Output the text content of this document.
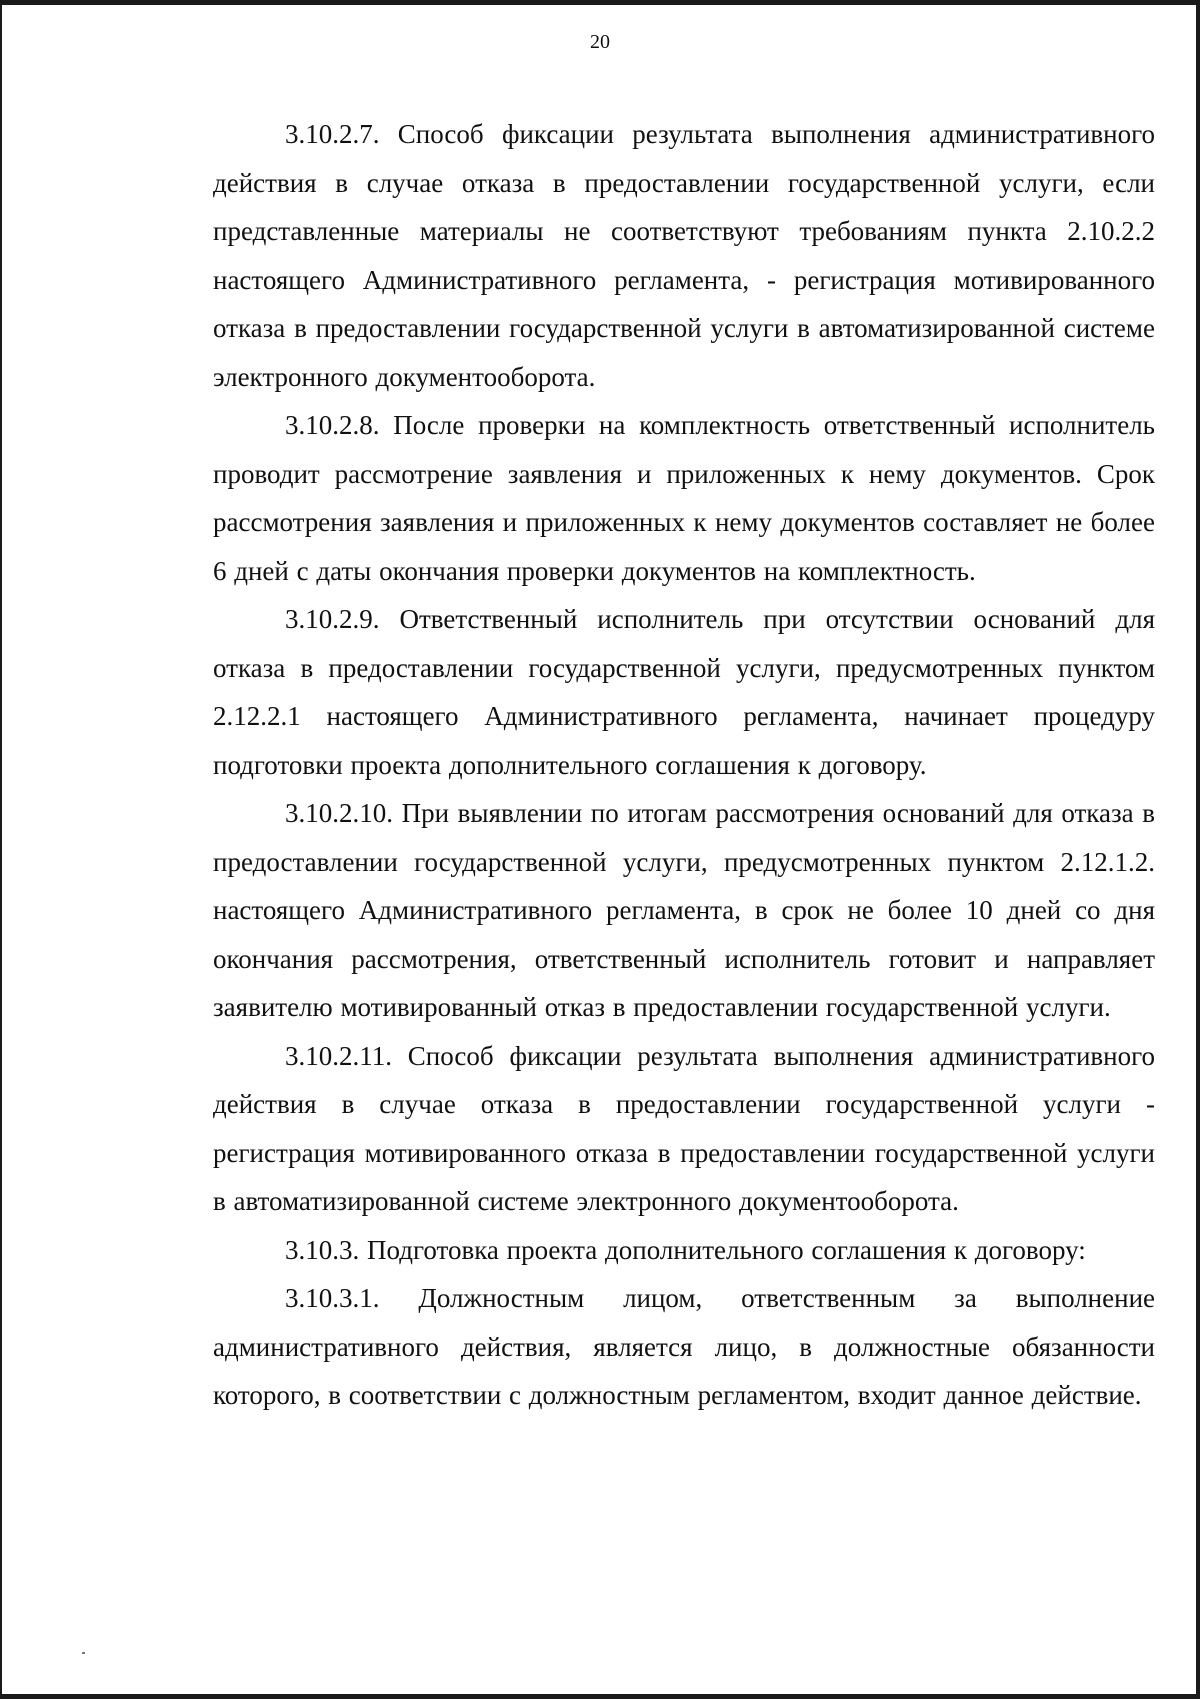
20

3.10.2.7. Способ фиксации результата выполнения административного действия в случае отказа в предоставлении государственной услуги, если представленные материалы не соответствуют требованиям пункта 2.10.2.2 настоящего Административного регламента, - регистрация мотивированного отказа в предоставлении государственной услуги в автоматизированной системе электронного документооборота.

3.10.2.8. После проверки на комплектность ответственный исполнитель проводит рассмотрение заявления и приложенных к нему документов. Срок рассмотрения заявления и приложенных к нему документов составляет не более 6 дней с даты окончания проверки документов на комплектность.

3.10.2.9. Ответственный исполнитель при отсутствии оснований для отказа в предоставлении государственной услуги, предусмотренных пунктом 2.12.2.1 настоящего Административного регламента, начинает процедуру подготовки проекта дополнительного соглашения к договору.

3.10.2.10. При выявлении по итогам рассмотрения оснований для отказа в предоставлении государственной услуги, предусмотренных пунктом 2.12.1.2. настоящего Административного регламента, в срок не более 10 дней со дня окончания рассмотрения, ответственный исполнитель готовит и направляет заявителю мотивированный отказ в предоставлении государственной услуги.

3.10.2.11. Способ фиксации результата выполнения административного действия в случае отказа в предоставлении государственной услуги - регистрация мотивированного отказа в предоставлении государственной услуги в автоматизированной системе электронного документооборота.

3.10.3. Подготовка проекта дополнительного соглашения к договору:

3.10.3.1. Должностным лицом, ответственным за выполнение административного действия, является лицо, в должностные обязанности которого, в соответствии с должностным регламентом, входит данное действие.
